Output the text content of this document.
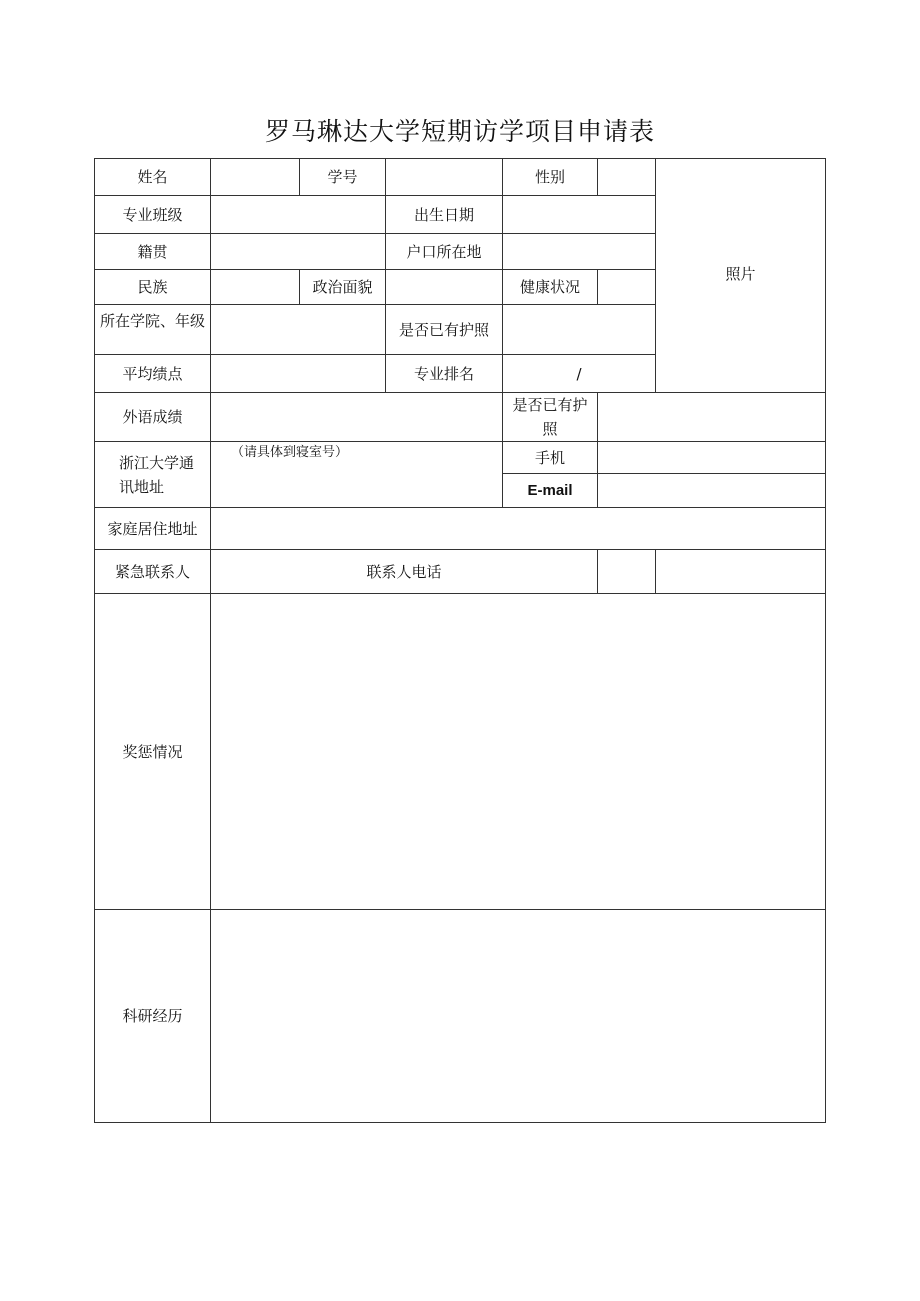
罗马琳达大学短期访学项目申请表
姓名		学号		性别		照片
专业班级			出生日期			
籍贯			户口所在地			
民族		政治面貌		健康状况		
所在学院、年级			是否已有护照			
平均绩点			专业排名	/		
外语成绩				是否已有护照		
浙江大学通讯地址	（请具体到寝室号）			手机		
				E-mail		
家庭居住地址						
紧急联系人	联系人电话					
奖惩情况						
科研经历						
